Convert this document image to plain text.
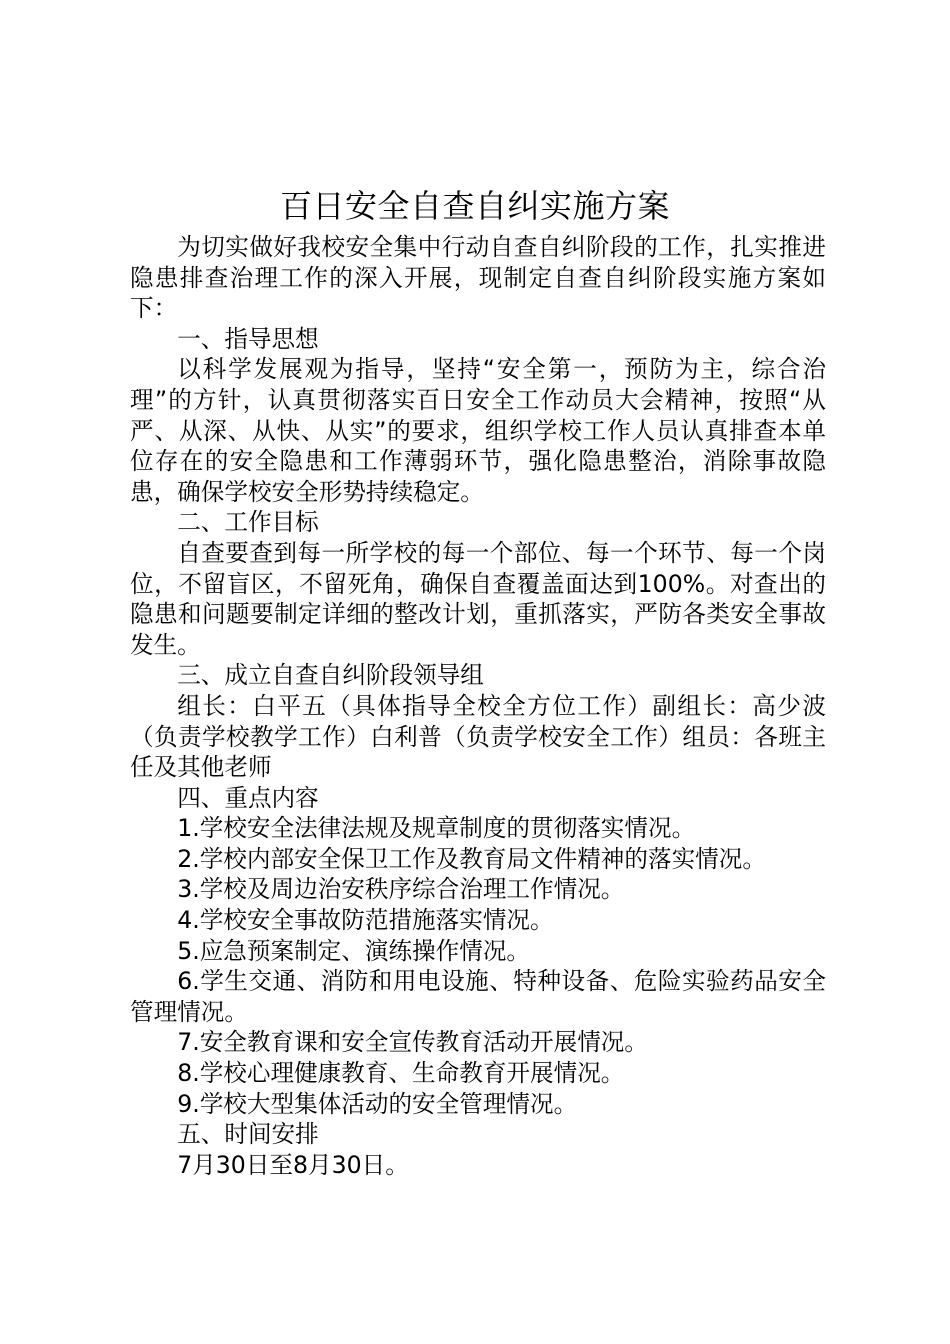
百日安全自查自纠实施方案

为切实做好我校安全集中行动自查自纠阶段的工作，扎实推进隐患排查治理工作的深入开展，现制定自查自纠阶段实施方案如下：

一、指导思想

以科学发展观为指导，坚持“安全第一，预防为主，综合治理”的方针，认真贯彻落实百日安全工作动员大会精神，按照“从严、从深、从快、从实”的要求，组织学校工作人员认真排查本单位存在的安全隐患和工作薄弱环节，强化隐患整治，消除事故隐患，确保学校安全形势持续稳定。

二、工作目标

自查要查到每一所学校的每一个部位、每一个环节、每一个岗位，不留盲区，不留死角，确保自查覆盖面达到100%。对查出的隐患和问题要制定详细的整改计划，重抓落实，严防各类安全事故发生。

三、成立自查自纠阶段领导组

组长：白平五（具体指导全校全方位工作）副组长：高少波（负责学校教学工作）白利普（负责学校安全工作）组员：各班主任及其他老师

四、重点内容

1.学校安全法律法规及规章制度的贯彻落实情况。

2.学校内部安全保卫工作及教育局文件精神的落实情况。

3.学校及周边治安秩序综合治理工作情况。

4.学校安全事故防范措施落实情况。

5.应急预案制定、演练操作情况。

6.学生交通、消防和用电设施、特种设备、危险实验药品安全管理情况。

7.安全教育课和安全宣传教育活动开展情况。

8.学校心理健康教育、生命教育开展情况。

9.学校大型集体活动的安全管理情况。

五、时间安排

7月30日至8月30日。
